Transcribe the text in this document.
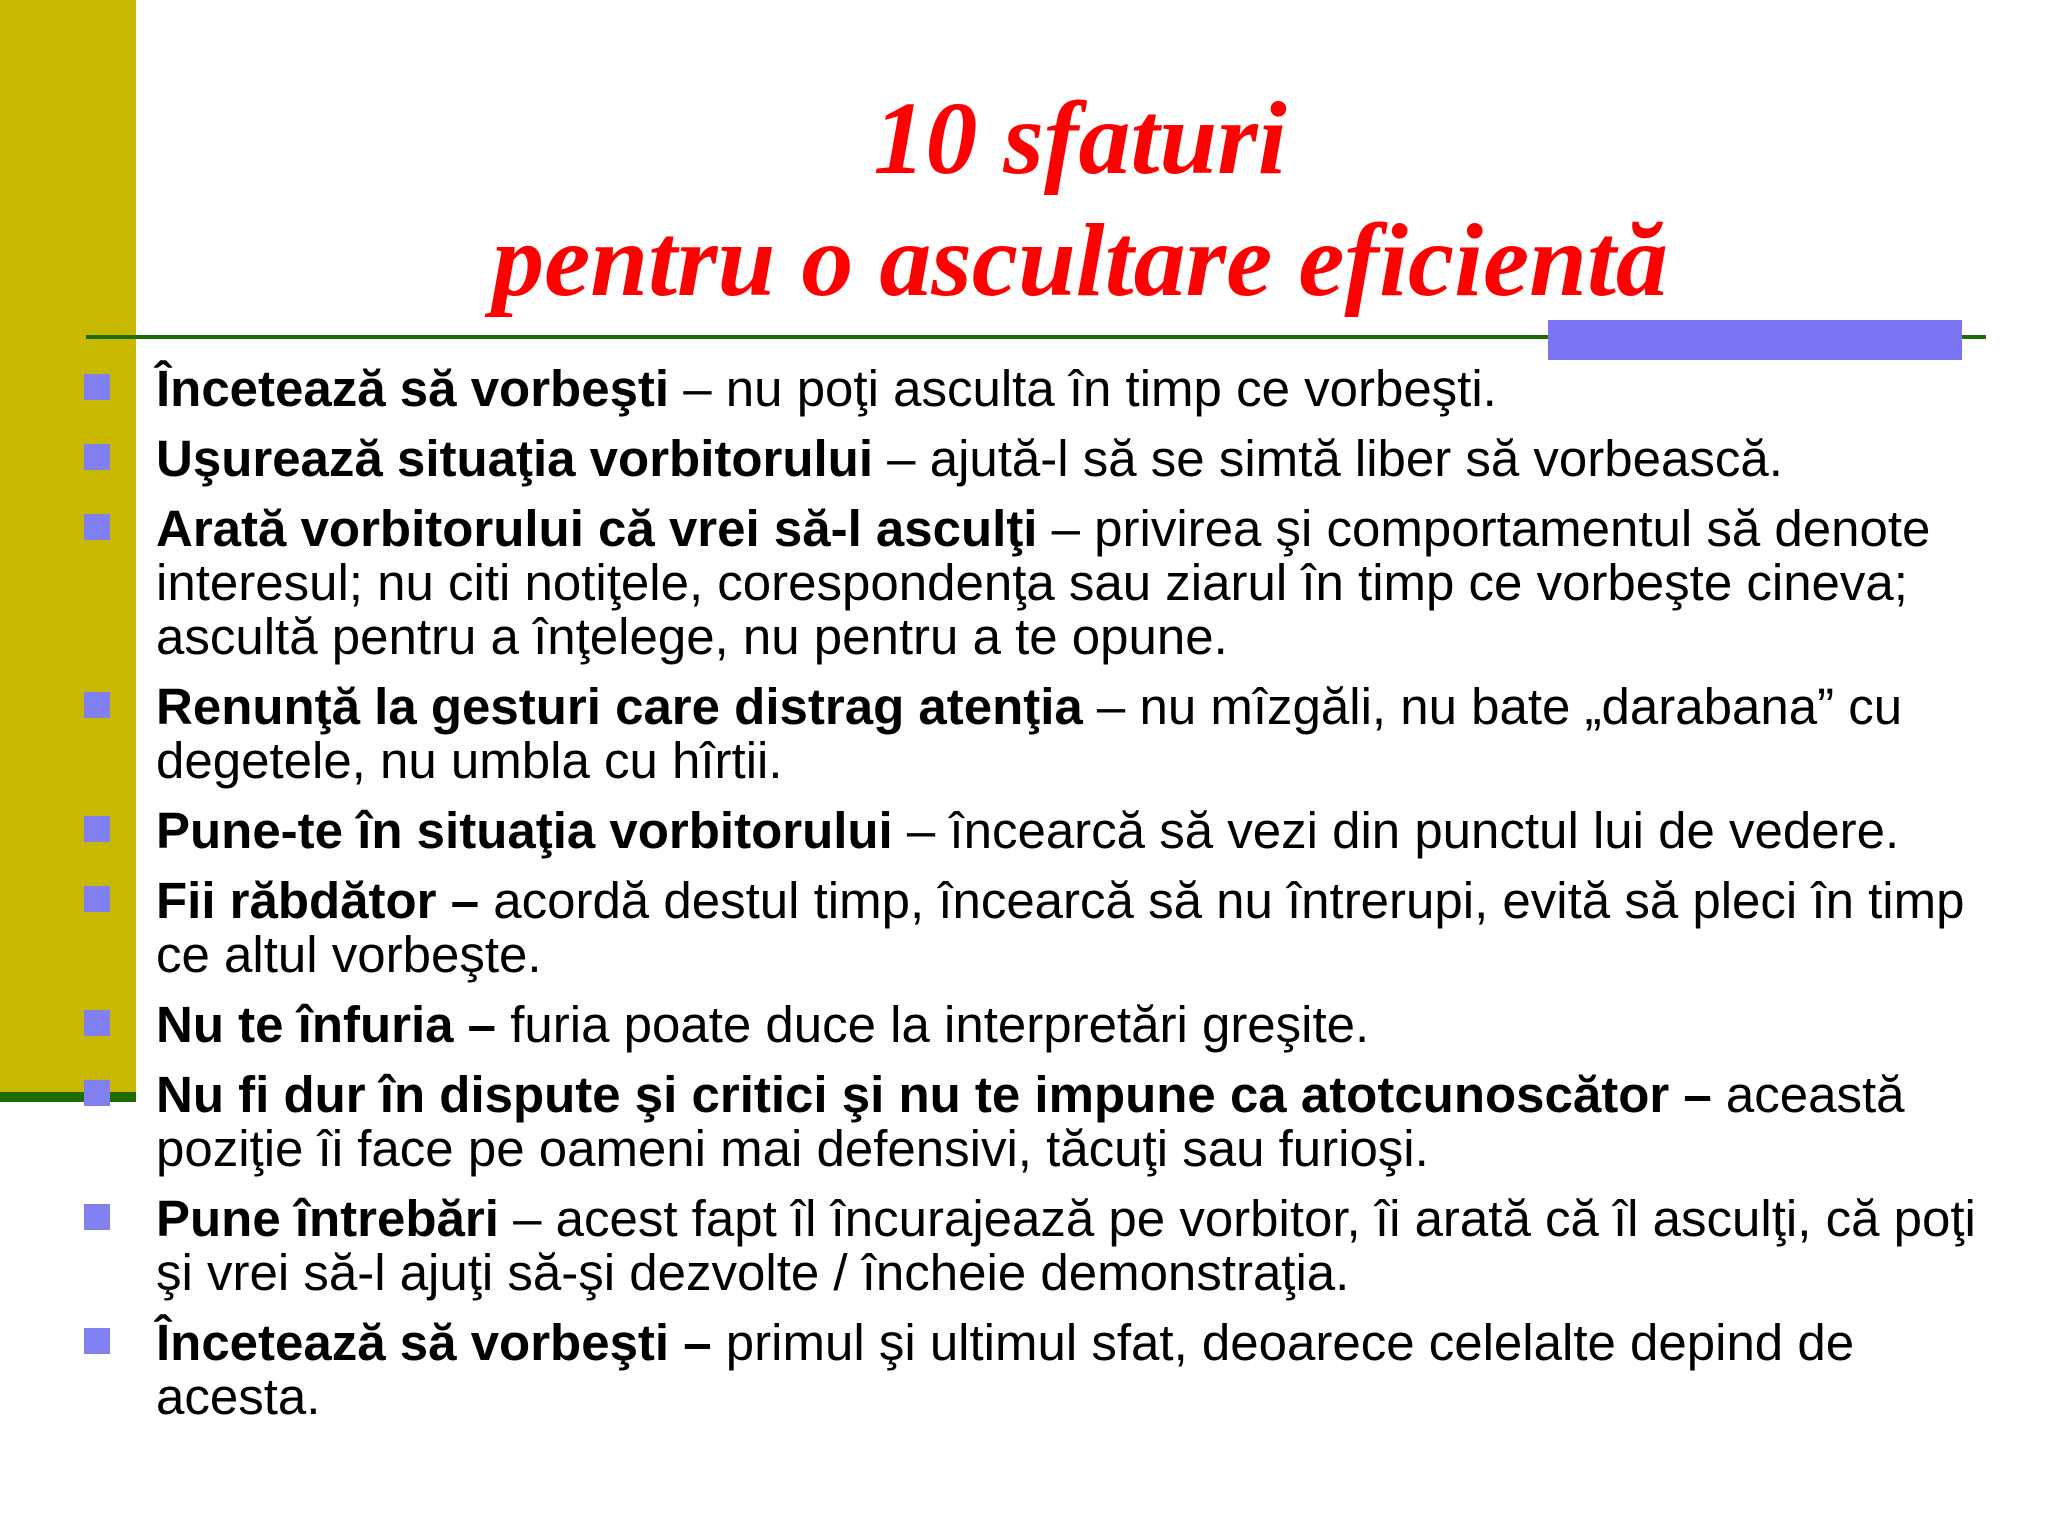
10 sfaturi
pentru o ascultare eficientă
Încetează să vorbeşti – nu poţi asculta în timp ce vorbeşti.
Uşurează situaţia vorbitorului – ajută-l să se simtă liber să vorbească.
Arată vorbitorului că vrei să-l asculţi – privirea şi comportamentul să denote interesul; nu citi notiţele, corespondenţa sau ziarul în timp ce vorbeşte cineva; ascultă pentru a înţelege, nu pentru a te opune.
Renunţă la gesturi care distrag atenţia – nu mîzgăli, nu bate „darabana” cu degetele, nu umbla cu hîrtii.
Pune-te în situaţia vorbitorului – încearcă să vezi din punctul lui de vedere.
Fii răbdător – acordă destul timp, încearcă să nu întrerupi, evită să pleci în timp ce altul vorbeşte.
Nu te înfuria – furia poate duce la interpretări greşite.
Nu fi dur în dispute şi critici şi nu te impune ca atotcunoscător – această poziţie îi face pe oameni mai defensivi, tăcuţi sau furioşi.
Pune întrebări – acest fapt îl încurajează pe vorbitor, îi arată că îl asculţi, că poţi şi vrei să-l ajuţi să-şi dezvolte / încheie demonstraţia.
Încetează să vorbeşti – primul şi ultimul sfat, deoarece celelalte depind de acesta.
